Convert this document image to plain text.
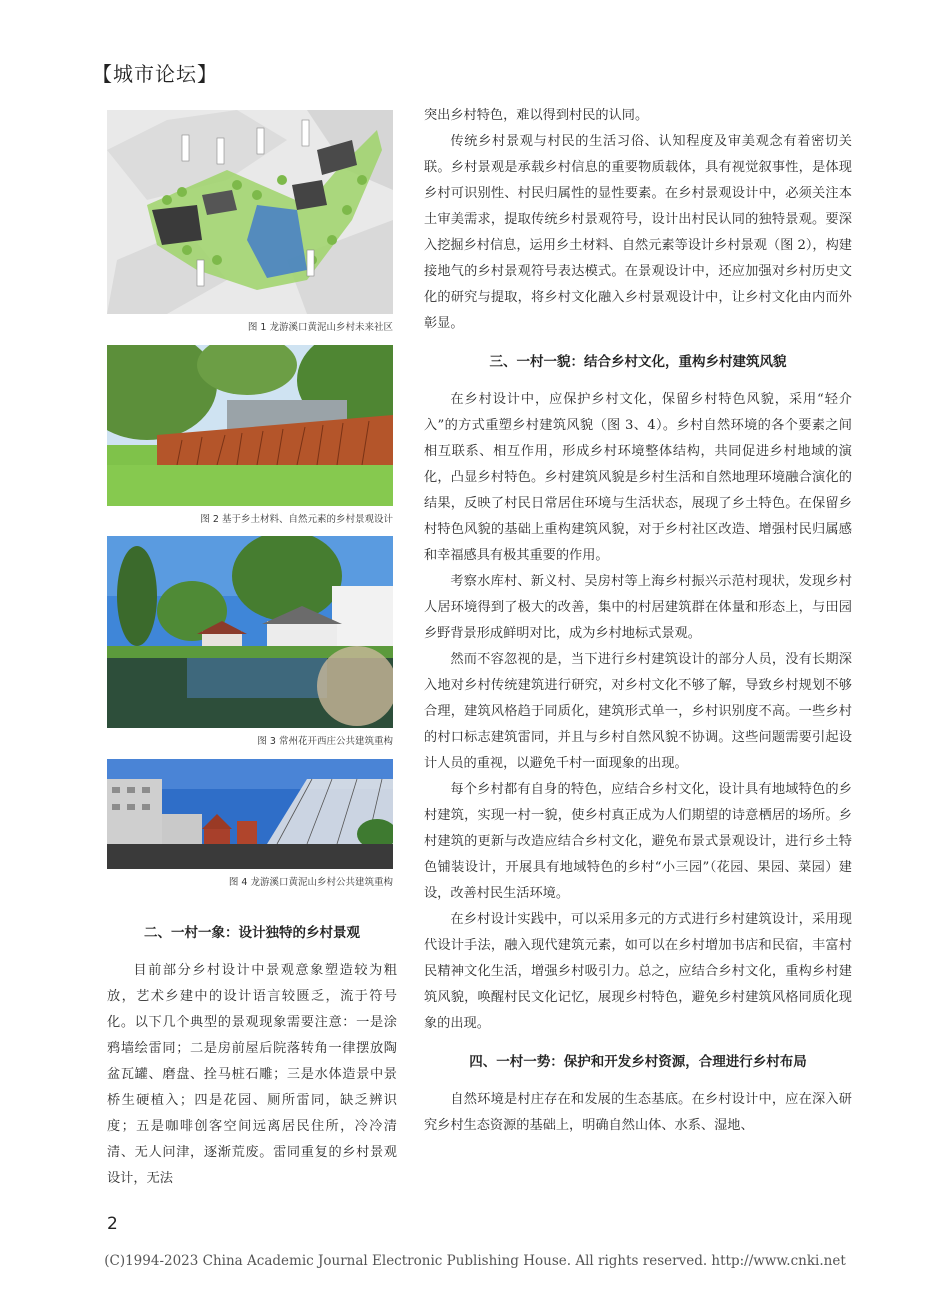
【城市论坛】
图 1 龙游溪口黄泥山乡村未来社区
图 2 基于乡土材料、自然元素的乡村景观设计
图 3 常州花开西庄公共建筑重构
图 4 龙游溪口黄泥山乡村公共建筑重构
二、一村一象：设计独特的乡村景观

目前部分乡村设计中景观意象塑造较为粗放，艺术乡建中的设计语言较匮乏，流于符号化。以下几个典型的景观现象需要注意：一是涂鸦墙绘雷同；二是房前屋后院落转角一律摆放陶盆瓦罐、磨盘、拴马桩石雕；三是水体造景中景桥生硬植入；四是花园、厕所雷同，缺乏辨识度；五是咖啡创客空间远离居民住所，冷冷清清、无人问津，逐渐荒废。雷同重复的乡村景观设计，无法

突出乡村特色，难以得到村民的认同。

传统乡村景观与村民的生活习俗、认知程度及审美观念有着密切关联。乡村景观是承载乡村信息的重要物质载体，具有视觉叙事性，是体现乡村可识别性、村民归属性的显性要素。在乡村景观设计中，必须关注本土审美需求，提取传统乡村景观符号，设计出村民认同的独特景观。要深入挖掘乡村信息，运用乡土材料、自然元素等设计乡村景观（图 2），构建接地气的乡村景观符号表达模式。在景观设计中，还应加强对乡村历史文化的研究与提取，将乡村文化融入乡村景观设计中，让乡村文化由内而外彰显。

三、一村一貌：结合乡村文化，重构乡村建筑风貌

在乡村设计中，应保护乡村文化，保留乡村特色风貌，采用“轻介入”的方式重塑乡村建筑风貌（图 3、4）。乡村自然环境的各个要素之间相互联系、相互作用，形成乡村环境整体结构，共同促进乡村地域的演化，凸显乡村特色。乡村建筑风貌是乡村生活和自然地理环境融合演化的结果，反映了村民日常居住环境与生活状态，展现了乡土特色。在保留乡村特色风貌的基础上重构建筑风貌，对于乡村社区改造、增强村民归属感和幸福感具有极其重要的作用。

考察水库村、新义村、吴房村等上海乡村振兴示范村现状，发现乡村人居环境得到了极大的改善，集中的村居建筑群在体量和形态上，与田园乡野背景形成鲜明对比，成为乡村地标式景观。

然而不容忽视的是，当下进行乡村建筑设计的部分人员，没有长期深入地对乡村传统建筑进行研究，对乡村文化不够了解，导致乡村规划不够合理，建筑风格趋于同质化，建筑形式单一，乡村识别度不高。一些乡村的村口标志建筑雷同，并且与乡村自然风貌不协调。这些问题需要引起设计人员的重视，以避免千村一面现象的出现。

每个乡村都有自身的特色，应结合乡村文化，设计具有地域特色的乡村建筑，实现一村一貌，使乡村真正成为人们期望的诗意栖居的场所。乡村建筑的更新与改造应结合乡村文化，避免布景式景观设计，进行乡土特色铺装设计，开展具有地域特色的乡村“小三园”（花园、果园、菜园）建设，改善村民生活环境。

在乡村设计实践中，可以采用多元的方式进行乡村建筑设计，采用现代设计手法，融入现代建筑元素，如可以在乡村增加书店和民宿，丰富村民精神文化生活，增强乡村吸引力。总之，应结合乡村文化，重构乡村建筑风貌，唤醒村民文化记忆，展现乡村特色，避免乡村建筑风格同质化现象的出现。

四、一村一势：保护和开发乡村资源，合理进行乡村布局

自然环境是村庄存在和发展的生态基底。在乡村设计中，应在深入研究乡村生态资源的基础上，明确自然山体、水系、湿地、

2
(C)1994-2023 China Academic Journal Electronic Publishing House. All rights reserved. http://www.cnki.net
